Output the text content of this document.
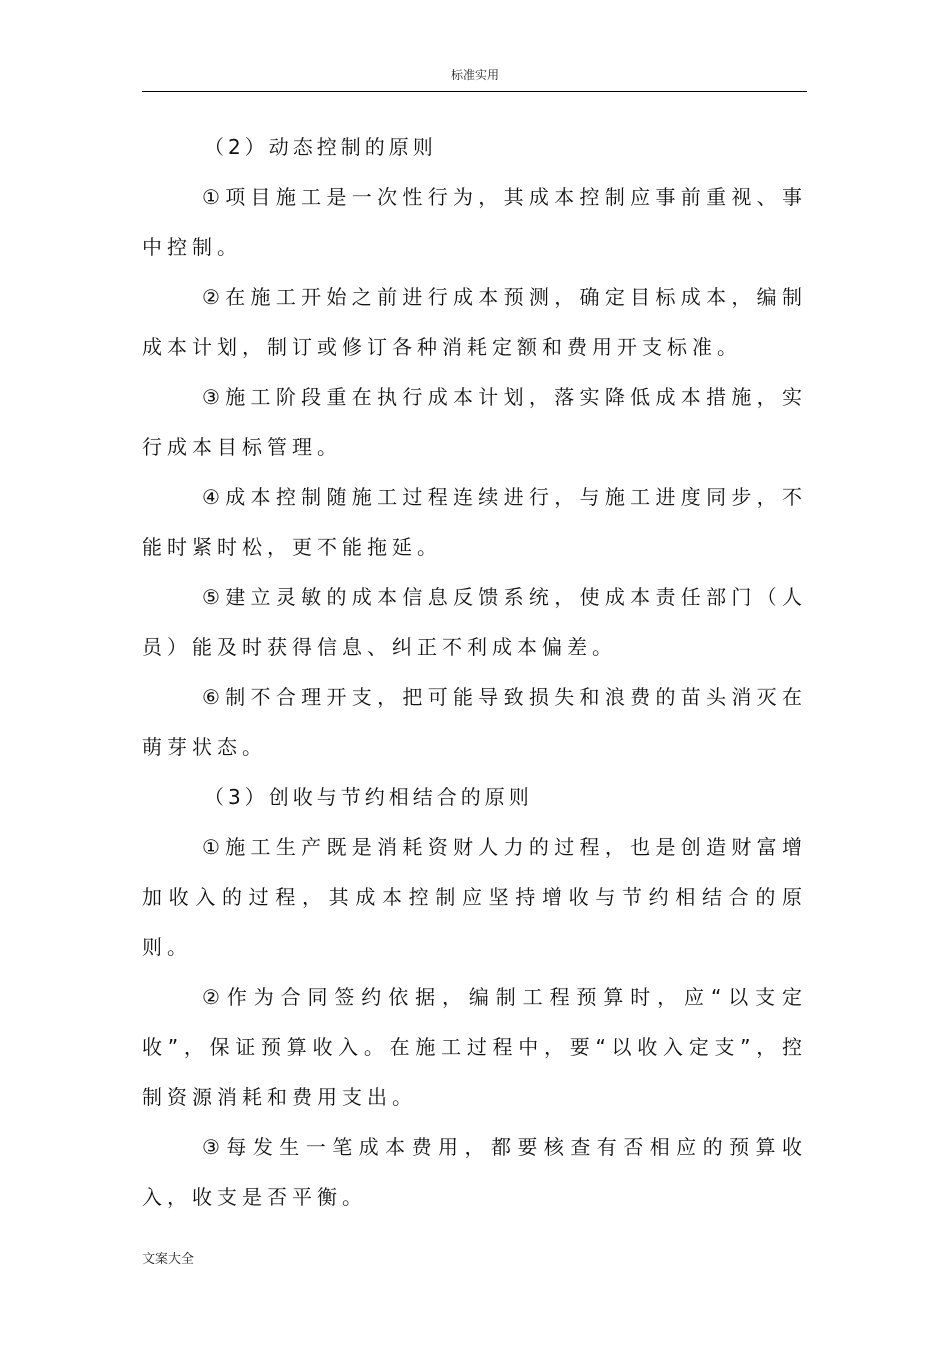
标准实用

（2）动态控制的原则

①项目施工是一次性行为，其成本控制应事前重视、事中控制。

②在施工开始之前进行成本预测，确定目标成本，编制成本计划，制订或修订各种消耗定额和费用开支标准。

③施工阶段重在执行成本计划，落实降低成本措施，实行成本目标管理。

④成本控制随施工过程连续进行，与施工进度同步，不能时紧时松，更不能拖延。

⑤建立灵敏的成本信息反馈系统，使成本责任部门（人员）能及时获得信息、纠正不利成本偏差。

⑥制不合理开支，把可能导致损失和浪费的苗头消灭在萌芽状态。

（3）创收与节约相结合的原则

①施工生产既是消耗资财人力的过程，也是创造财富增加收入的过程，其成本控制应坚持增收与节约相结合的原则。

②作为合同签约依据，编制工程预算时，应“以支定收”，保证预算收入。在施工过程中，要“以收入定支”，控制资源消耗和费用支出。

③每发生一笔成本费用，都要核查有否相应的预算收入，收支是否平衡。

文案大全
